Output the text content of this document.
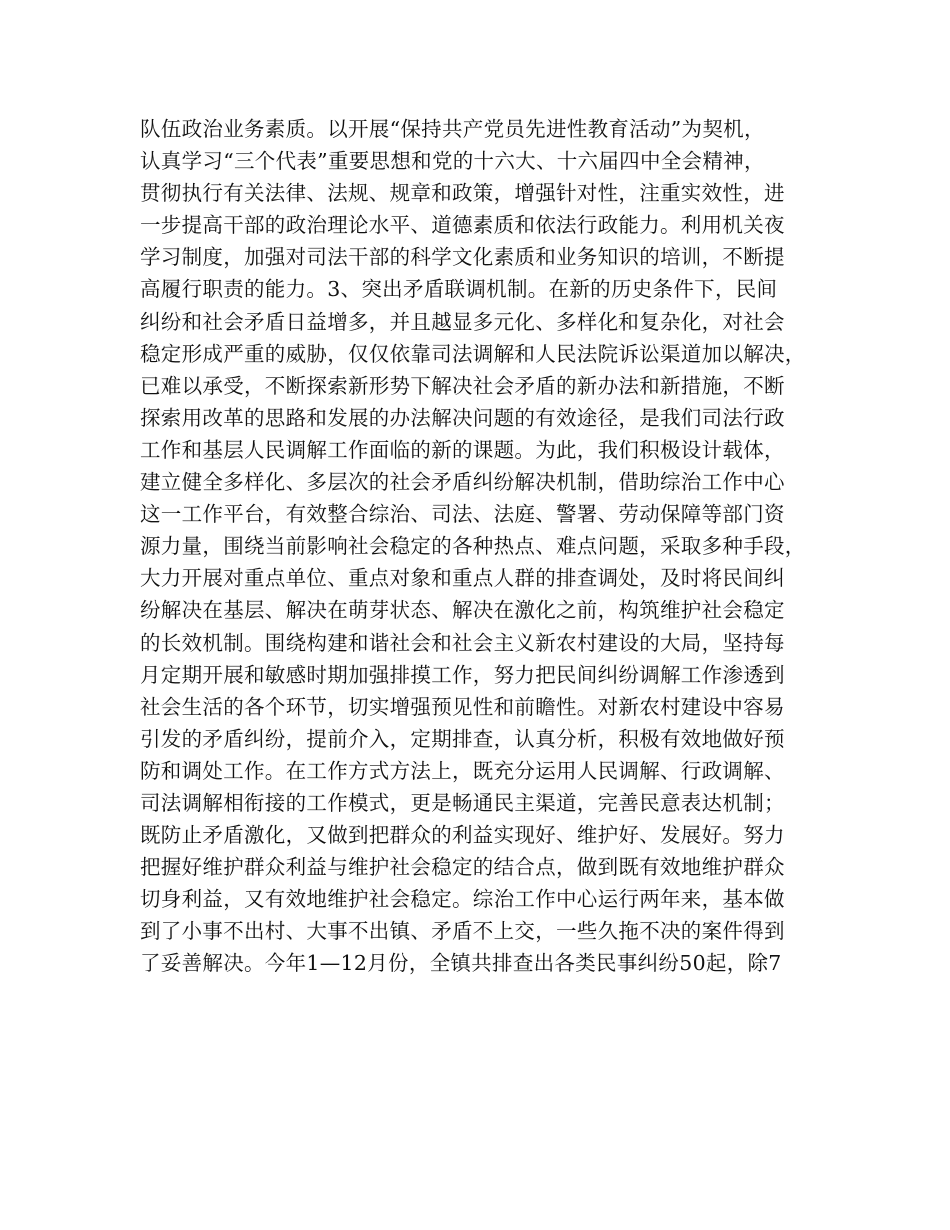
队伍政治业务素质。以开展“保持共产党员先进性教育活动”为契机，
认真学习“三个代表”重要思想和党的十六大、十六届四中全会精神，
贯彻执行有关法律、法规、规章和政策，增强针对性，注重实效性，进
一步提高干部的政治理论水平、道德素质和依法行政能力。利用机关夜
学习制度，加强对司法干部的科学文化素质和业务知识的培训，不断提
高履行职责的能力。3、突出矛盾联调机制。在新的历史条件下，民间
纠纷和社会矛盾日益增多，并且越显多元化、多样化和复杂化，对社会
稳定形成严重的威胁，仅仅依靠司法调解和人民法院诉讼渠道加以解决，
已难以承受，不断探索新形势下解决社会矛盾的新办法和新措施，不断
探索用改革的思路和发展的办法解决问题的有效途径，是我们司法行政
工作和基层人民调解工作面临的新的课题。为此，我们积极设计载体，
建立健全多样化、多层次的社会矛盾纠纷解决机制，借助综治工作中心
这一工作平台，有效整合综治、司法、法庭、警署、劳动保障等部门资
源力量，围绕当前影响社会稳定的各种热点、难点问题，采取多种手段，
大力开展对重点单位、重点对象和重点人群的排查调处，及时将民间纠
纷解决在基层、解决在萌芽状态、解决在激化之前，构筑维护社会稳定
的长效机制。围绕构建和谐社会和社会主义新农村建设的大局，坚持每
月定期开展和敏感时期加强排摸工作，努力把民间纠纷调解工作渗透到
社会生活的各个环节，切实增强预见性和前瞻性。对新农村建设中容易
引发的矛盾纠纷，提前介入，定期排查，认真分析，积极有效地做好预
防和调处工作。在工作方式方法上，既充分运用人民调解、行政调解、
司法调解相衔接的工作模式，更是畅通民主渠道，完善民意表达机制；
既防止矛盾激化，又做到把群众的利益实现好、维护好、发展好。努力
把握好维护群众利益与维护社会稳定的结合点，做到既有效地维护群众
切身利益，又有效地维护社会稳定。综治工作中心运行两年来，基本做
到了小事不出村、大事不出镇、矛盾不上交，一些久拖不决的案件得到
了妥善解决。今年1—12月份，全镇共排查出各类民事纠纷50起，除7
